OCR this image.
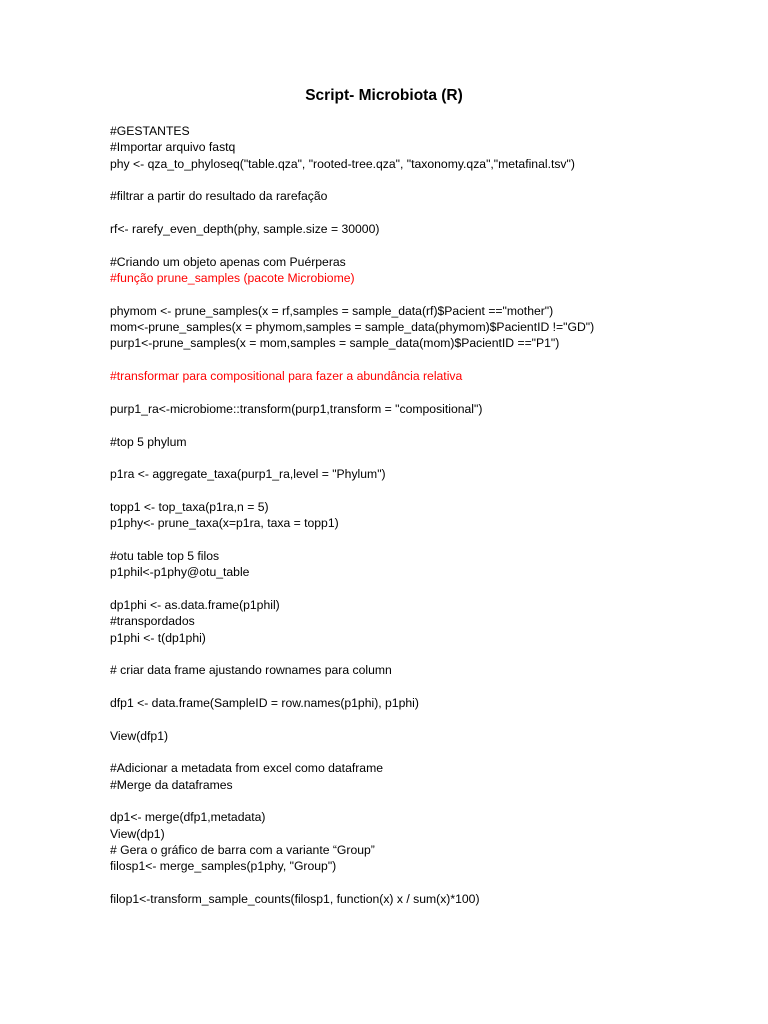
Script- Microbiota (R)
#GESTANTES
#Importar arquivo fastq
phy <- qza_to_phyloseq("table.qza", "rooted-tree.qza", "taxonomy.qza","metafinal.tsv")
#filtrar a partir do resultado da rarefação
rf<- rarefy_even_depth(phy, sample.size = 30000)
#Criando um objeto apenas com Puérperas
#função prune_samples (pacote Microbiome)
phymom <- prune_samples(x = rf,samples = sample_data(rf)$Pacient =="mother")
mom<-prune_samples(x = phymom,samples = sample_data(phymom)$PacientID !="GD")
purp1<-prune_samples(x = mom,samples = sample_data(mom)$PacientID =="P1")
#transformar para compositional para fazer a abundância relativa
purp1_ra<-microbiome::transform(purp1,transform = "compositional")
#top 5 phylum
p1ra <- aggregate_taxa(purp1_ra,level = "Phylum")
topp1 <- top_taxa(p1ra,n = 5)
p1phy<- prune_taxa(x=p1ra, taxa = topp1)
#otu table top 5 filos
p1phil<-p1phy@otu_table
dp1phi <- as.data.frame(p1phil)
#transpordados
p1phi <- t(dp1phi)
# criar data frame ajustando rownames para column
dfp1 <- data.frame(SampleID = row.names(p1phi), p1phi)
View(dfp1)
#Adicionar a metadata from excel como dataframe
#Merge da dataframes
dp1<- merge(dfp1,metadata)
View(dp1)
# Gera o gráfico de barra com a variante “Group”
filosp1<- merge_samples(p1phy, "Group")
filop1<-transform_sample_counts(filosp1, function(x) x / sum(x)*100)
